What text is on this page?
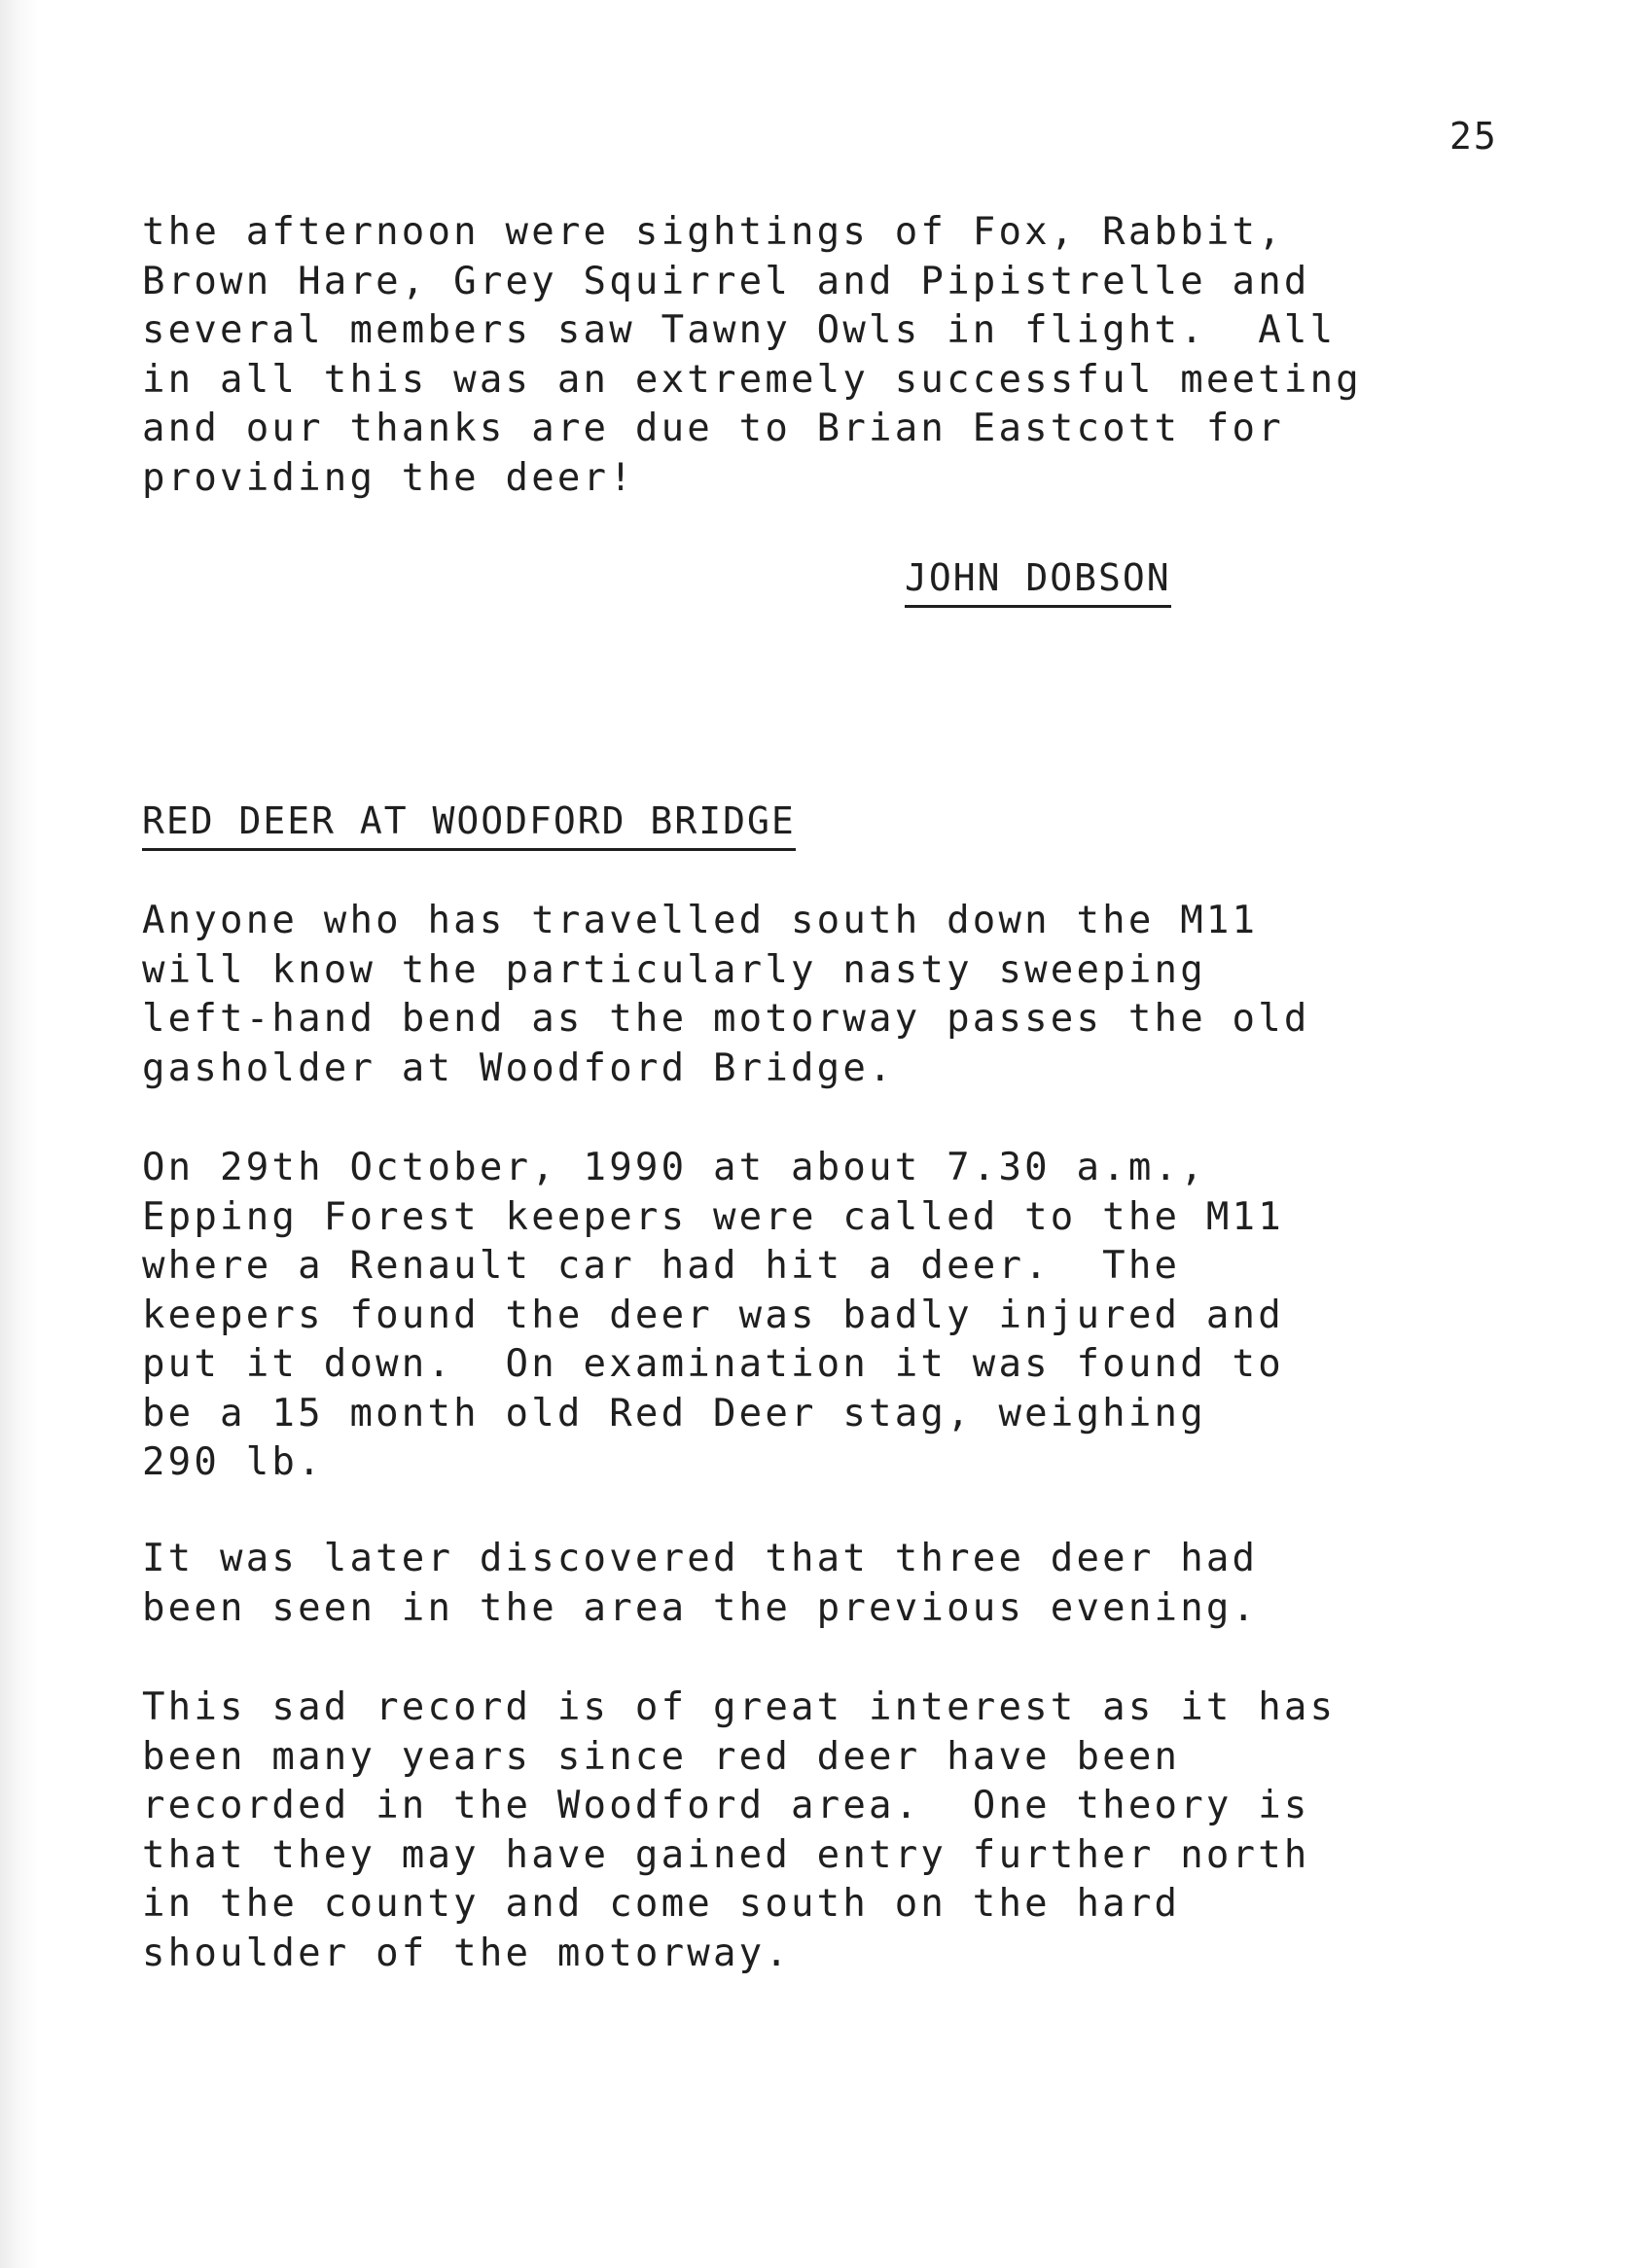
25
the afternoon were sightings of Fox, Rabbit,
Brown Hare, Grey Squirrel and Pipistrelle and
several members saw Tawny Owls in flight.  All
in all this was an extremely successful meeting
and our thanks are due to Brian Eastcott for
providing the deer!
JOHN DOBSON
RED DEER AT WOODFORD BRIDGE
Anyone who has travelled south down the M11
will know the particularly nasty sweeping
left-hand bend as the motorway passes the old
gasholder at Woodford Bridge.
On 29th October, 1990 at about 7.30 a.m.,
Epping Forest keepers were called to the M11
where a Renault car had hit a deer.  The
keepers found the deer was badly injured and
put it down.  On examination it was found to
be a 15 month old Red Deer stag, weighing
290 lb.
It was later discovered that three deer had
been seen in the area the previous evening.
This sad record is of great interest as it has
been many years since red deer have been
recorded in the Woodford area.  One theory is
that they may have gained entry further north
in the county and come south on the hard
shoulder of the motorway.
